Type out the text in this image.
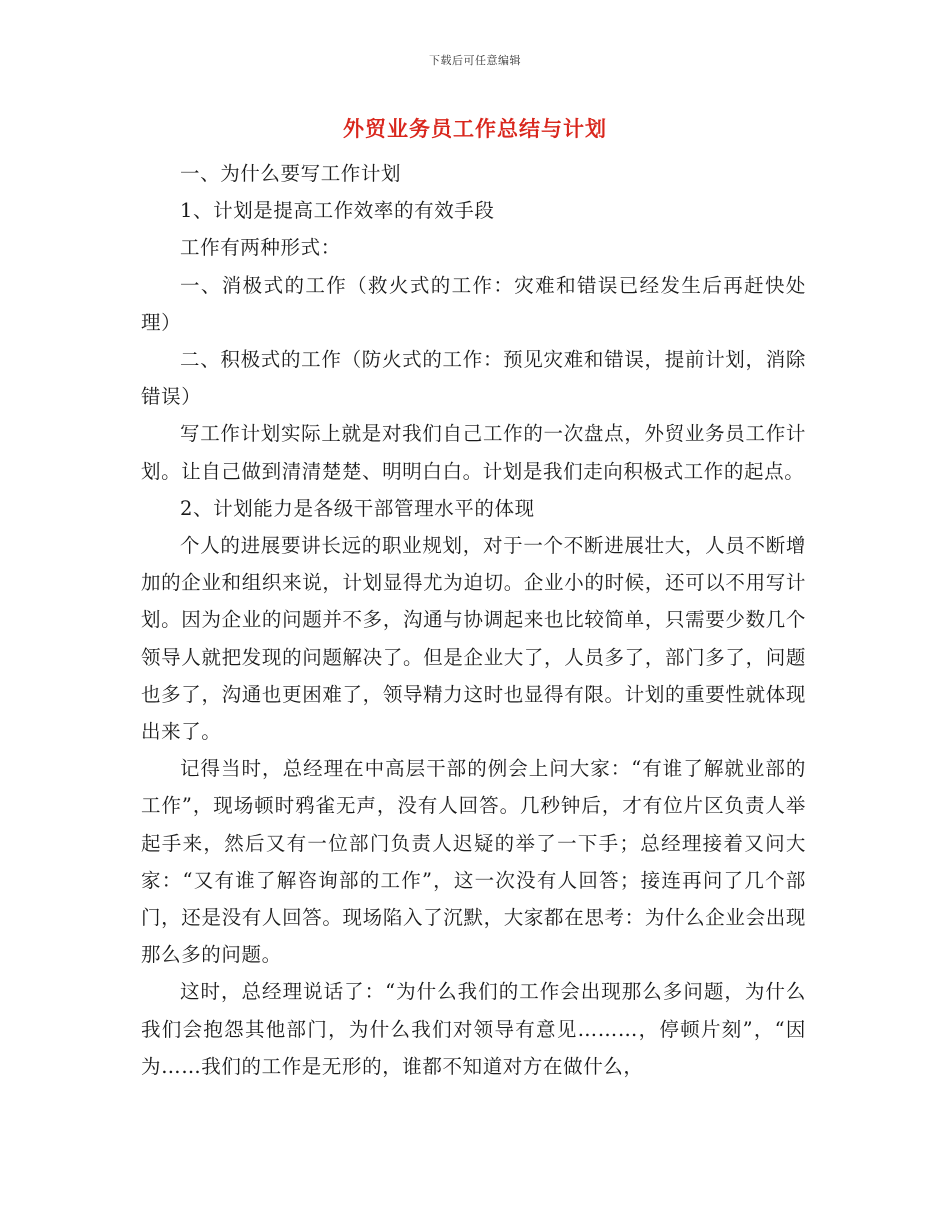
下载后可任意编辑
外贸业务员工作总结与计划

一、为什么要写工作计划

1、计划是提高工作效率的有效手段

工作有两种形式：

一、消极式的工作（救火式的工作：灾难和错误已经发生后再赶快处理）

二、积极式的工作（防火式的工作：预见灾难和错误，提前计划，消除错误）

写工作计划实际上就是对我们自己工作的一次盘点，外贸业务员工作计划。让自己做到清清楚楚、明明白白。计划是我们走向积极式工作的起点。

2、计划能力是各级干部管理水平的体现

个人的进展要讲长远的职业规划，对于一个不断进展壮大，人员不断增加的企业和组织来说，计划显得尤为迫切。企业小的时候，还可以不用写计划。因为企业的问题并不多，沟通与协调起来也比较简单，只需要少数几个领导人就把发现的问题解决了。但是企业大了，人员多了，部门多了，问题也多了，沟通也更困难了，领导精力这时也显得有限。计划的重要性就体现出来了。

记得当时，总经理在中高层干部的例会上问大家：“有谁了解就业部的工作”，现场顿时鸦雀无声，没有人回答。几秒钟后，才有位片区负责人举起手来，然后又有一位部门负责人迟疑的举了一下手；总经理接着又问大家：“又有谁了解咨询部的工作”，这一次没有人回答；接连再问了几个部门，还是没有人回答。现场陷入了沉默，大家都在思考：为什么企业会出现那么多的问题。

这时，总经理说话了：“为什么我们的工作会出现那么多问题，为什么我们会抱怨其他部门，为什么我们对领导有意见………，停顿片刻”，“因为……我们的工作是无形的，谁都不知道对方在做什么，
